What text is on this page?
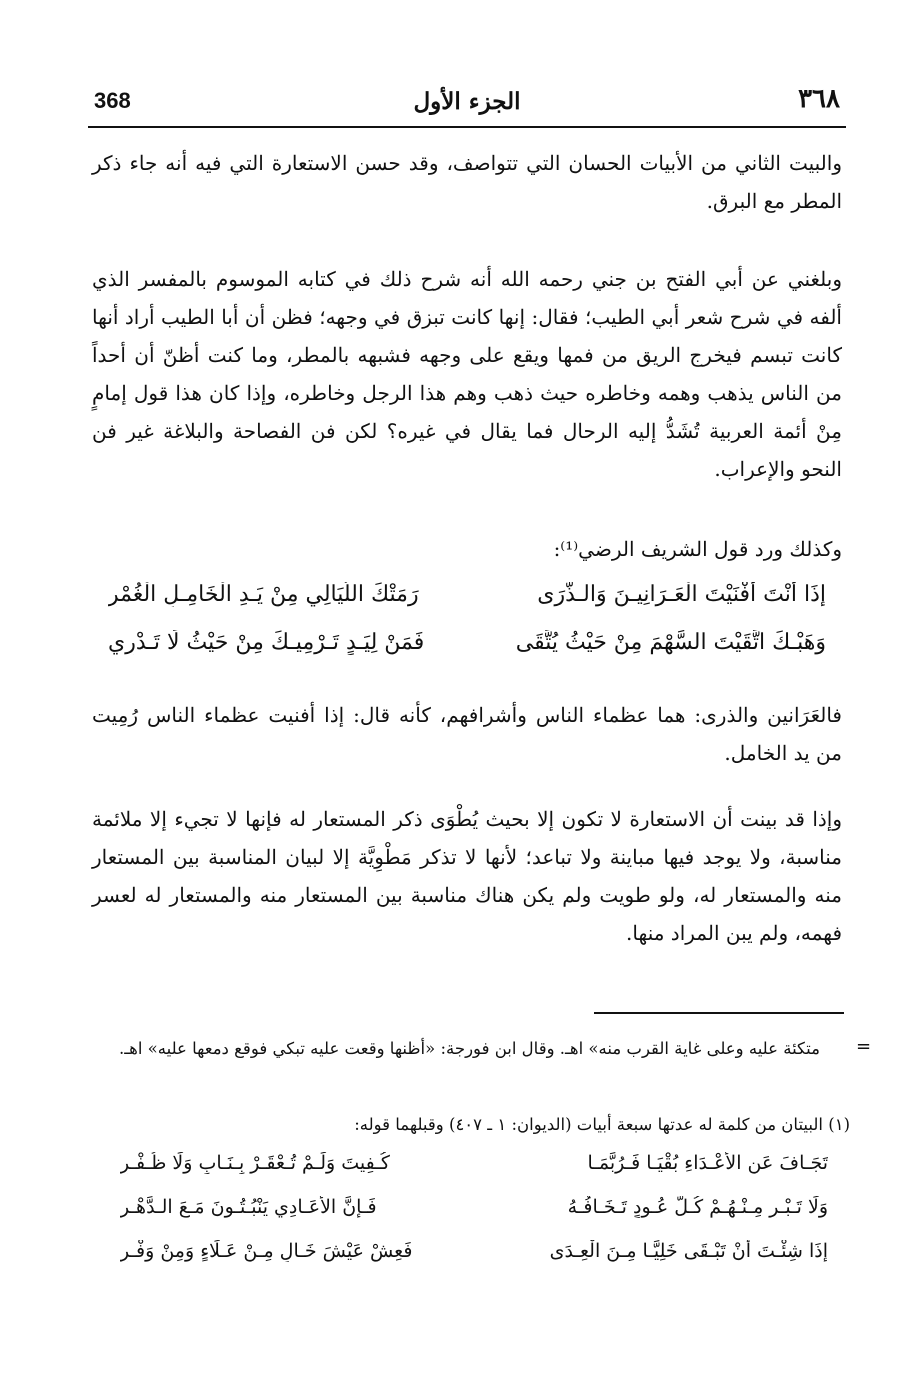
368	الجزء الأول	٣٦٨

والبيت الثاني من الأبيات الحسان التي تتواصف، وقد حسن الاستعارة التي فيه أنه جاء ذكر المطر مع البرق.

وبلغني عن أبي الفتح بن جني رحمه الله أنه شرح ذلك في كتابه الموسوم بالمفسر الذي ألفه في شرح شعر أبي الطيب؛ فقال: إنها كانت تبزق في وجهه؛ فظن أن أبا الطيب أراد أنها كانت تبسم فيخرج الريق من فمها ويقع على وجهه فشبهه بالمطر، وما كنت أظنّ أن أحداً من الناس يذهب وهمه وخاطره حيث ذهب وهم هذا الرجل وخاطره، وإذا كان هذا قول إمامٍ مِنْ أئمة العربية تُشَدُّ إليه الرحال فما يقال في غيره؟ لكن فن الفصاحة والبلاغة غير فن النحو والإعراب.

وكذلك ورد قول الشريف الرضي⁽¹⁾:

إِذَا أَنْتَ أَفْنَيْتَ الْعَـرَانِيـنَ وَالـذُّرَى
رَمَتْكَ اللَّيَالِي مِنْ يَـدِ الْخَامِـلِ الْغُمْرِ
وَهَبْـكَ اتَّقَيْتَ السَّهْمَ مِنْ حَيْثُ يُتَّقَى
فَمَنْ لِيَـدٍ تَـرْمِيـكَ مِنْ حَيْثُ لَا تَـدْرِي

فالعَرَانين والذرى: هما عظماء الناس وأشرافهم، كأنه قال: إذا أفنيت عظماء الناس رُمِيت من يد الخامل.

وإذا قد بينت أن الاستعارة لا تكون إلا بحيث يُطْوَى ذكر المستعار له فإنها لا تجيء إلا ملائمة مناسبة، ولا يوجد فيها مباينة ولا تباعد؛ لأنها لا تذكر مَطْوِيَّة إلا لبيان المناسبة بين المستعار منه والمستعار له، ولو طويت ولم يكن هناك مناسبة بين المستعار منه والمستعار له لعسر فهمه، ولم يبن المراد منها.

=

متكئة عليه وعلى غاية القرب منه» اهـ. وقال ابن فورجة: «أظنها وقعت عليه تبكي فوقع دمعها عليه» اهـ.

(١) البيتان من كلمة له عدتها سبعة أبيات (الديوان: ١ ـ ٤٠٧) وقبلهما قوله:

تَجَـافَ عَنِ الأَعْـدَاءِ بُقْيَـا فَـرُبَّمَـا
كُـفِيتَ وَلَـمْ تُـعْقَـرْ بِـنَـابٍ وَلَا ظُـفْـرِ
وَلَا تَـبْـرِ مِـنْـهُـمْ كُـلَّ عُـودٍ تَـخَـافُـهُ
فَـإِنَّ الأَعَـادِي يَنْبُـتُـونَ مَـعَ الـدَّهْـرِ
إِذَا شِئْـتَ أَنْ تَبْـقَى خَلِيًّـا مِـنَ الْعِـدَى
فَعِشْ عَيْشَ خَـالٍ مِـنْ عَـلَاءٍ وَمِنْ وَفْـرِ
